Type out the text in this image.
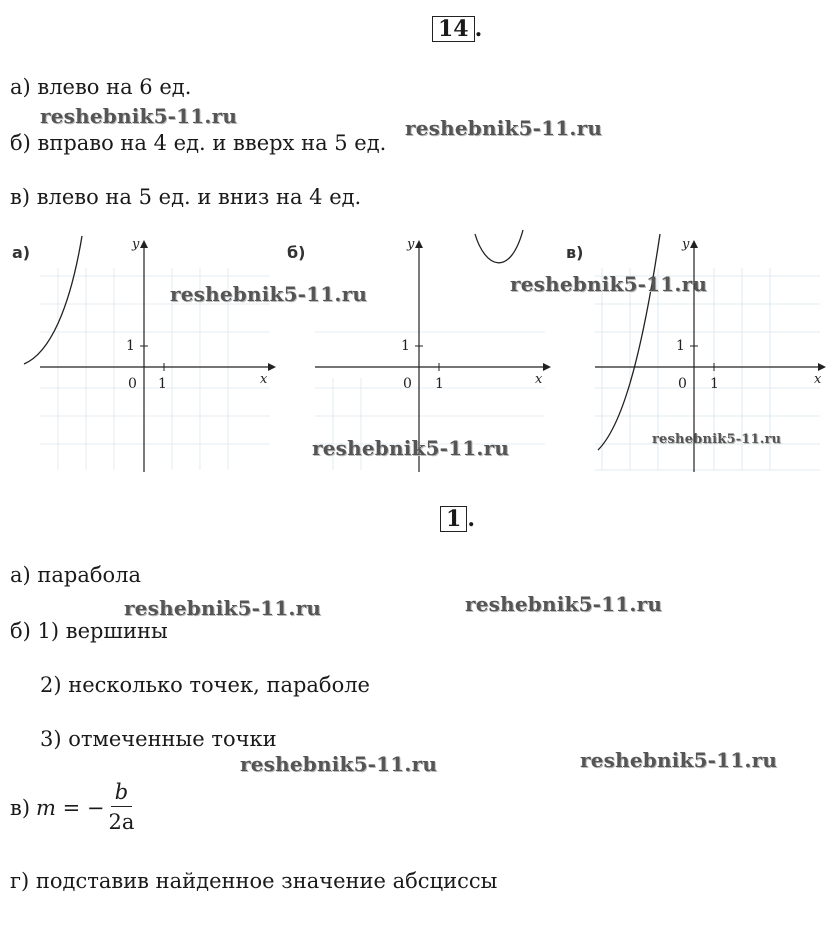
14 .
а) влево на 6 ед.
б) вправо на 4 ед. и вверх на 5 ед.
в) влево на 5 ед. и вниз на 4 ед.
а)	y
x
0 1
1
б)	y
x
0 1
1
в)	y
x
0 1
1
1 .
а) парабола
б) 1) вершины
2) несколько точек, параболе
3) отмеченные точки
в) m = − $\frac{b}{2a}$
г) подставив найденное значение абсциссы
reshebnik5-11.ru	reshebnik5-11.ru
reshebnik5-11.ru	reshebnik5-11.ru
reshebnik5-11.ru	reshebnik5-11.ru
reshebnik5-11.ru	reshebnik5-11.ru
reshebnik5-11.ru	reshebnik5-11.ru
